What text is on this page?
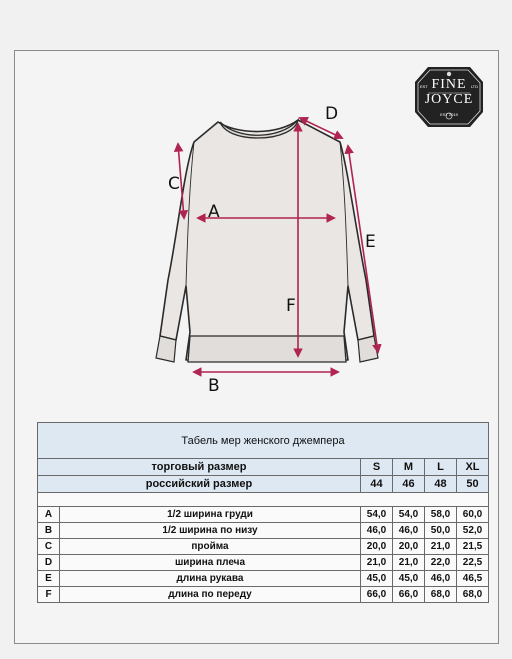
FINE
JOYCE
EST	LTD
EST 2019
A
B
C
D
E
F
Табель мер женского джемпера					
торговый размер		S	M	L	XL
российский размер		44	46	48	50

A	1/2 ширина груди	54,0	54,0	58,0	60,0
B	1/2 ширина по низу	46,0	46,0	50,0	52,0
C	пройма	20,0	20,0	21,0	21,5
D	ширина плеча	21,0	21,0	22,0	22,5
E	длина рукава	45,0	45,0	46,0	46,5
F	длина по переду	66,0	66,0	68,0	68,0
